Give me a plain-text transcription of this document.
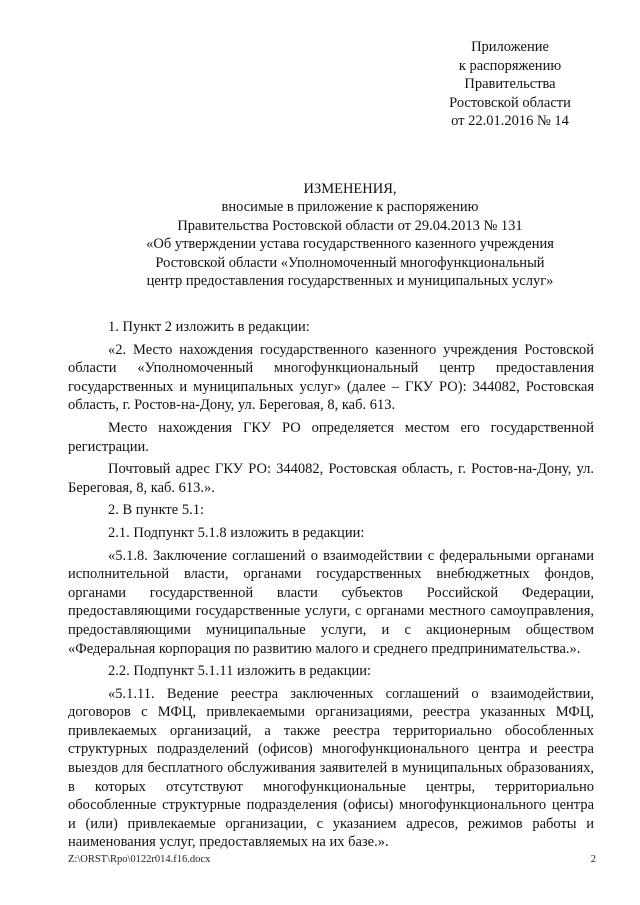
Приложение
к распоряжению
Правительства
Ростовской области
от 22.01.2016 № 14
ИЗМЕНЕНИЯ,
вносимые в приложение к распоряжению
Правительства Ростовской области от 29.04.2013 № 131
«Об утверждении устава государственного казенного учреждения
Ростовской области «Уполномоченный многофункциональный
центр предоставления государственных и муниципальных услуг»

1. Пункт 2 изложить в редакции:

«2. Место нахождения государственного казенного учреждения Ростовской области «Уполномоченный многофункциональный центр предоставления государственных и муниципальных услуг» (далее – ГКУ РО): 344082, Ростовская область, г. Ростов-на-Дону, ул. Береговая, 8, каб. 613.

Место нахождения ГКУ РО определяется местом его государственной регистрации.

Почтовый адрес ГКУ РО: 344082, Ростовская область, г. Ростов-на-Дону, ул. Береговая, 8, каб. 613.».

2. В пункте 5.1:

2.1. Подпункт 5.1.8 изложить в редакции:

«5.1.8. Заключение соглашений о взаимодействии с федеральными органами исполнительной власти, органами государственных внебюджетных фондов, органами государственной власти субъектов Российской Федерации, предоставляющими государственные услуги, с органами местного самоуправления, предоставляющими муниципальные услуги, и с акционерным обществом «Федеральная корпорация по развитию малого и среднего предпринимательства.».

2.2. Подпункт 5.1.11 изложить в редакции:

«5.1.11. Ведение реестра заключенных соглашений о взаимодействии, договоров с МФЦ, привлекаемыми организациями, реестра указанных МФЦ, привлекаемых организаций, а также реестра территориально обособленных структурных подразделений (офисов) многофункционального центра и реестра выездов для бесплатного обслуживания заявителей в муниципальных образованиях, в которых отсутствуют многофункциональные центры, территориально обособленные структурные подразделения (офисы) многофункционального центра и (или) привлекаемые организации, с указанием адресов, режимов работы и наименования услуг, предоставляемых на их базе.».

Z:\ORST\Rpo\0122r014.f16.docx	2
